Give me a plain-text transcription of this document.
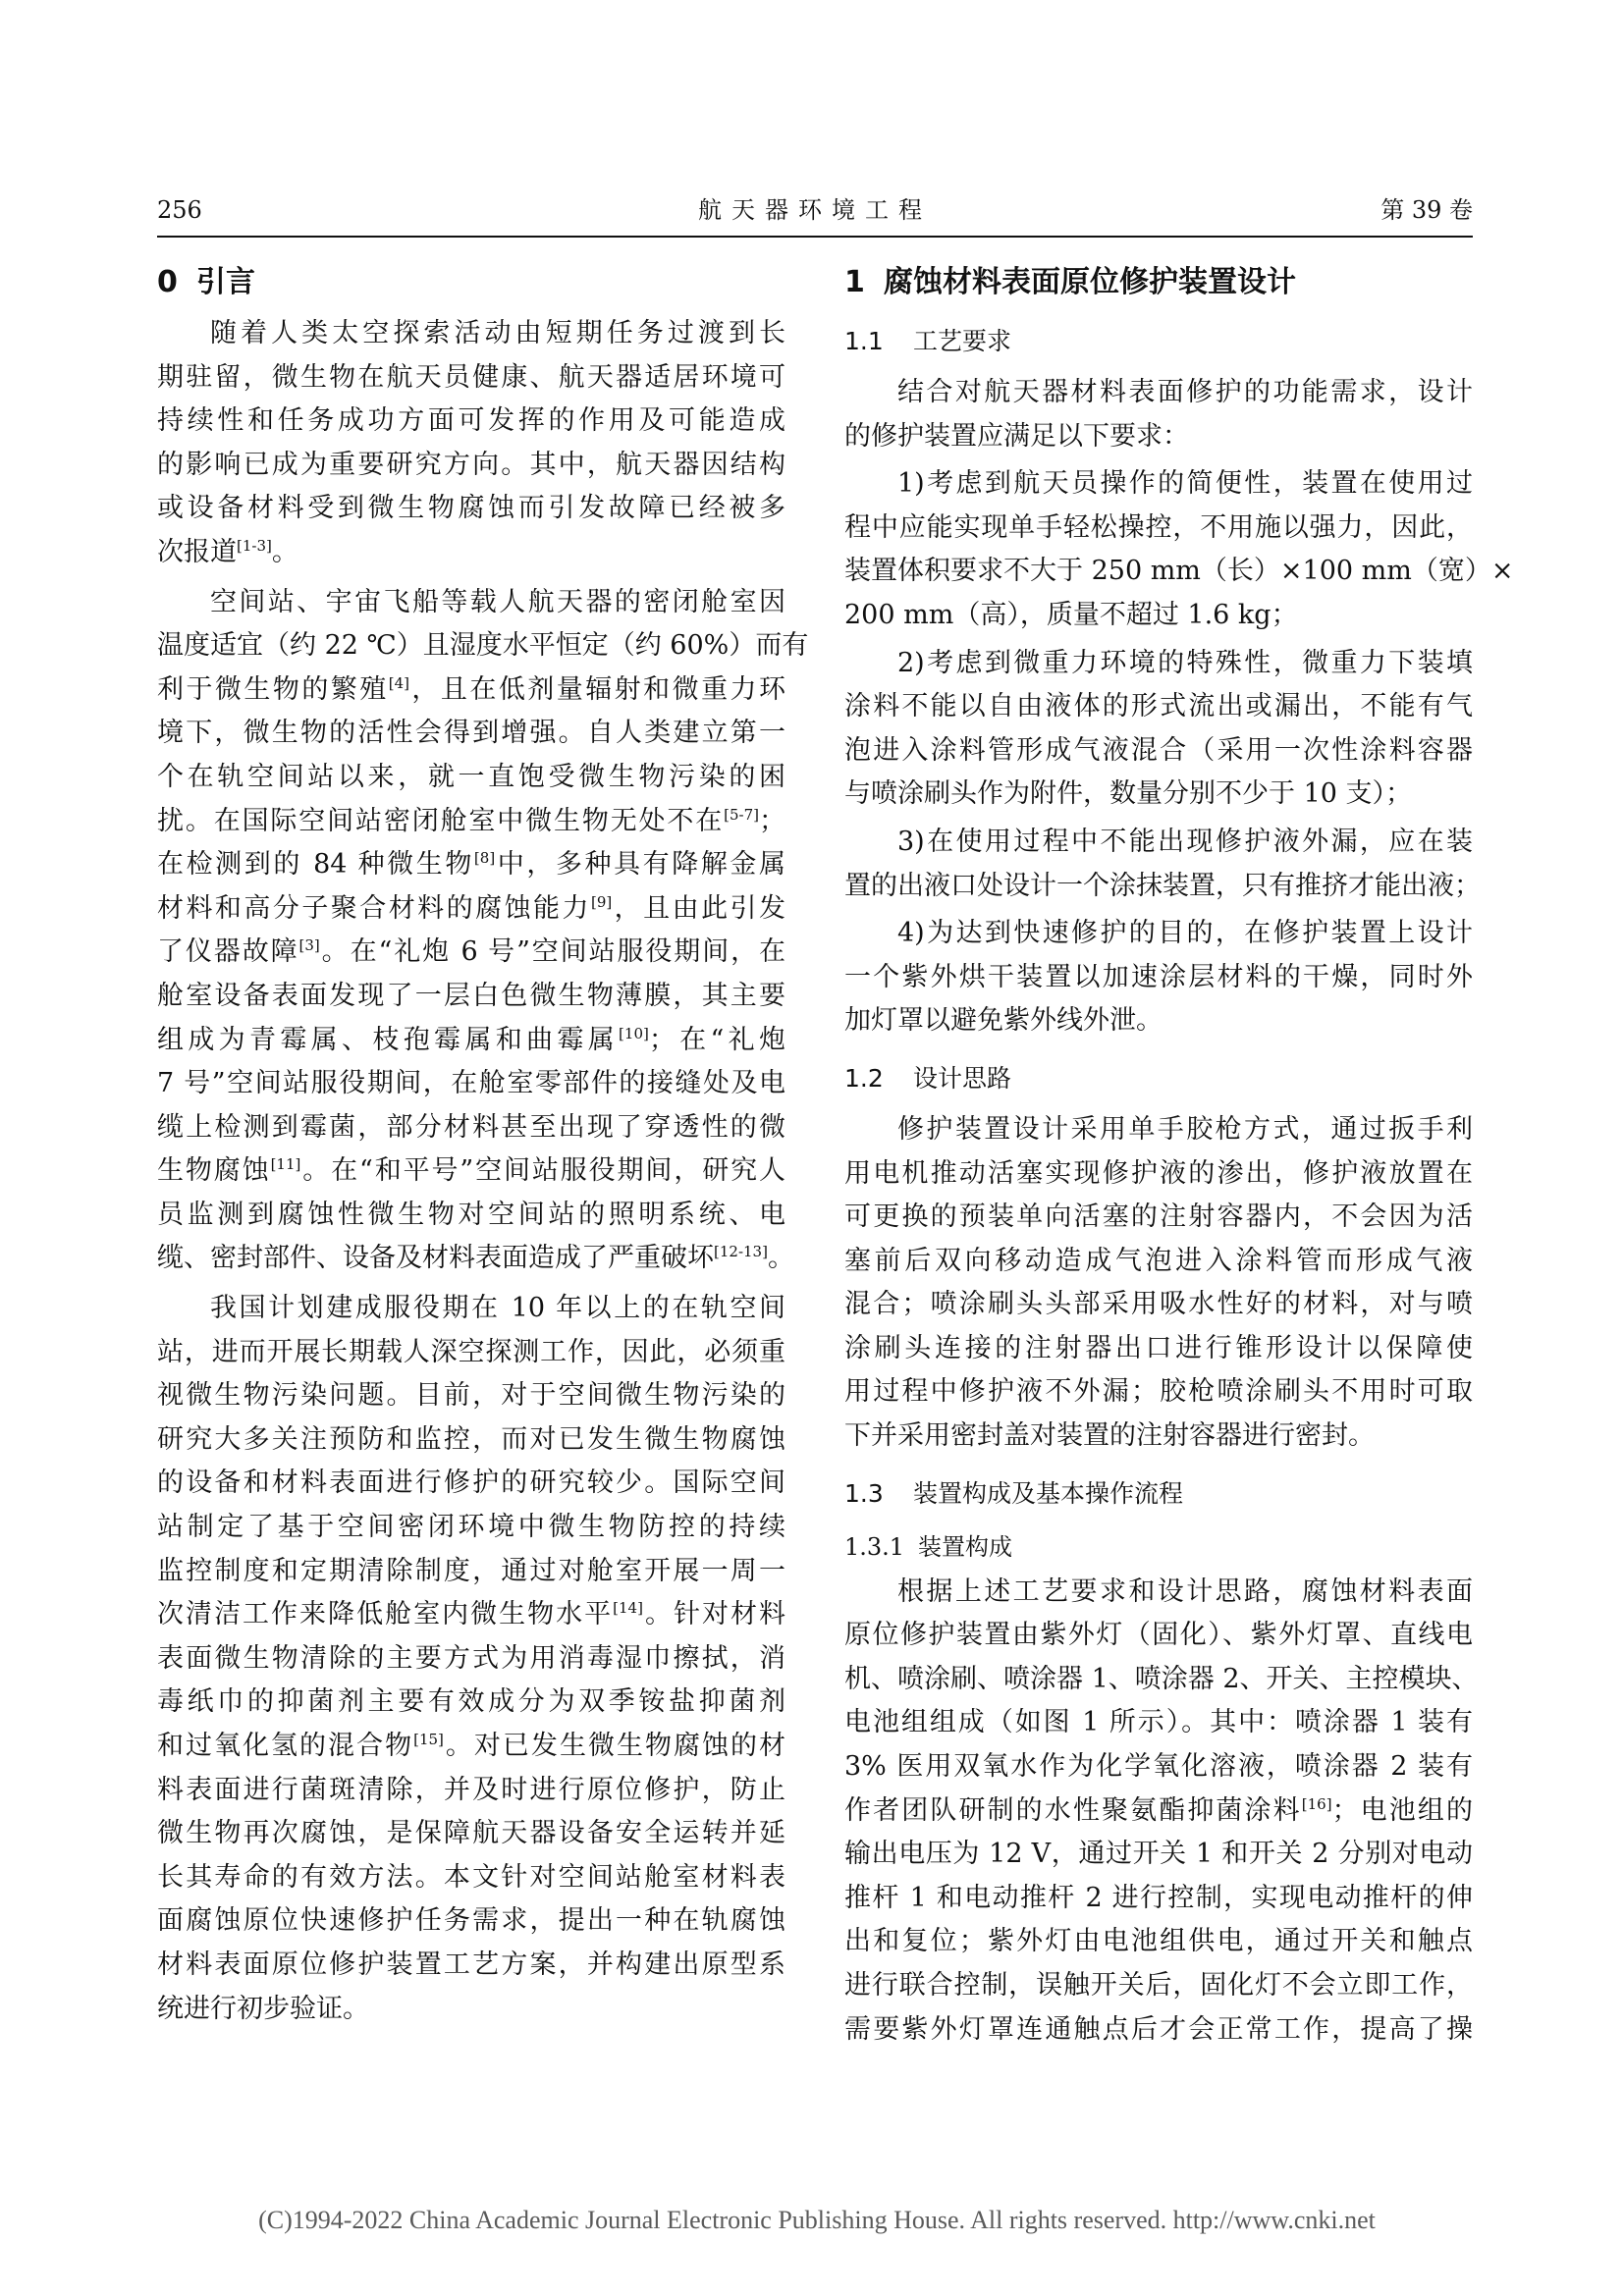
256	航天器环境工程	第 39 卷
0 引言
随着人类太空探索活动由短期任务过渡到长
期驻留，微生物在航天员健康、航天器适居环境可
持续性和任务成功方面可发挥的作用及可能造成
的影响已成为重要研究方向。其中，航天器因结构
或设备材料受到微生物腐蚀而引发故障已经被多
次报道[1-3]。
空间站、宇宙飞船等载人航天器的密闭舱室因
温度适宜（约 22 ℃）且湿度水平恒定（约 60%）而有
利于微生物的繁殖[4]，且在低剂量辐射和微重力环
境下，微生物的活性会得到增强。自人类建立第一
个在轨空间站以来，就一直饱受微生物污染的困
扰。在国际空间站密闭舱室中微生物无处不在[5-7]；
在检测到的 84 种微生物[8]中，多种具有降解金属
材料和高分子聚合材料的腐蚀能力[9]，且由此引发
了仪器故障[3]。在“礼炮 6 号”空间站服役期间，在
舱室设备表面发现了一层白色微生物薄膜，其主要
组成为青霉属、枝孢霉属和曲霉属[10]；在“礼炮
7 号”空间站服役期间，在舱室零部件的接缝处及电
缆上检测到霉菌，部分材料甚至出现了穿透性的微
生物腐蚀[11]。在“和平号”空间站服役期间，研究人
员监测到腐蚀性微生物对空间站的照明系统、电
缆、密封部件、设备及材料表面造成了严重破坏[12-13]。
我国计划建成服役期在 10 年以上的在轨空间
站，进而开展长期载人深空探测工作，因此，必须重
视微生物污染问题。目前，对于空间微生物污染的
研究大多关注预防和监控，而对已发生微生物腐蚀
的设备和材料表面进行修护的研究较少。国际空间
站制定了基于空间密闭环境中微生物防控的持续
监控制度和定期清除制度，通过对舱室开展一周一
次清洁工作来降低舱室内微生物水平[14]。针对材料
表面微生物清除的主要方式为用消毒湿巾擦拭，消
毒纸巾的抑菌剂主要有效成分为双季铵盐抑菌剂
和过氧化氢的混合物[15]。对已发生微生物腐蚀的材
料表面进行菌斑清除，并及时进行原位修护，防止
微生物再次腐蚀，是保障航天器设备安全运转并延
长其寿命的有效方法。本文针对空间站舱室材料表
面腐蚀原位快速修护任务需求，提出一种在轨腐蚀
材料表面原位修护装置工艺方案，并构建出原型系
统进行初步验证。
1 腐蚀材料表面原位修护装置设计
1.1 工艺要求
结合对航天器材料表面修护的功能需求，设计
的修护装置应满足以下要求：
1)考虑到航天员操作的简便性，装置在使用过
程中应能实现单手轻松操控，不用施以强力，因此，
装置体积要求不大于 250 mm（长）×100 mm（宽）×
200 mm（高），质量不超过 1.6 kg；
2)考虑到微重力环境的特殊性，微重力下装填
涂料不能以自由液体的形式流出或漏出，不能有气
泡进入涂料管形成气液混合（采用一次性涂料容器
与喷涂刷头作为附件，数量分别不少于 10 支）；
3)在使用过程中不能出现修护液外漏，应在装
置的出液口处设计一个涂抹装置，只有推挤才能出液；
4)为达到快速修护的目的，在修护装置上设计
一个紫外烘干装置以加速涂层材料的干燥，同时外
加灯罩以避免紫外线外泄。
1.2 设计思路
修护装置设计采用单手胶枪方式，通过扳手利
用电机推动活塞实现修护液的渗出，修护液放置在
可更换的预装单向活塞的注射容器内，不会因为活
塞前后双向移动造成气泡进入涂料管而形成气液
混合；喷涂刷头头部采用吸水性好的材料，对与喷
涂刷头连接的注射器出口进行锥形设计以保障使
用过程中修护液不外漏；胶枪喷涂刷头不用时可取
下并采用密封盖对装置的注射容器进行密封。
1.3 装置构成及基本操作流程
1.3.1 装置构成
根据上述工艺要求和设计思路，腐蚀材料表面
原位修护装置由紫外灯（固化）、紫外灯罩、直线电
机、喷涂刷、喷涂器 1、喷涂器 2、开关、主控模块、
电池组组成（如图 1 所示）。其中：喷涂器 1 装有
3% 医用双氧水作为化学氧化溶液，喷涂器 2 装有
作者团队研制的水性聚氨酯抑菌涂料[16]；电池组的
输出电压为 12 V，通过开关 1 和开关 2 分别对电动
推杆 1 和电动推杆 2 进行控制，实现电动推杆的伸
出和复位；紫外灯由电池组供电，通过开关和触点
进行联合控制，误触开关后，固化灯不会立即工作，
需要紫外灯罩连通触点后才会正常工作，提高了操
(C)1994-2022 China Academic Journal Electronic Publishing House. All rights reserved. http://www.cnki.net
